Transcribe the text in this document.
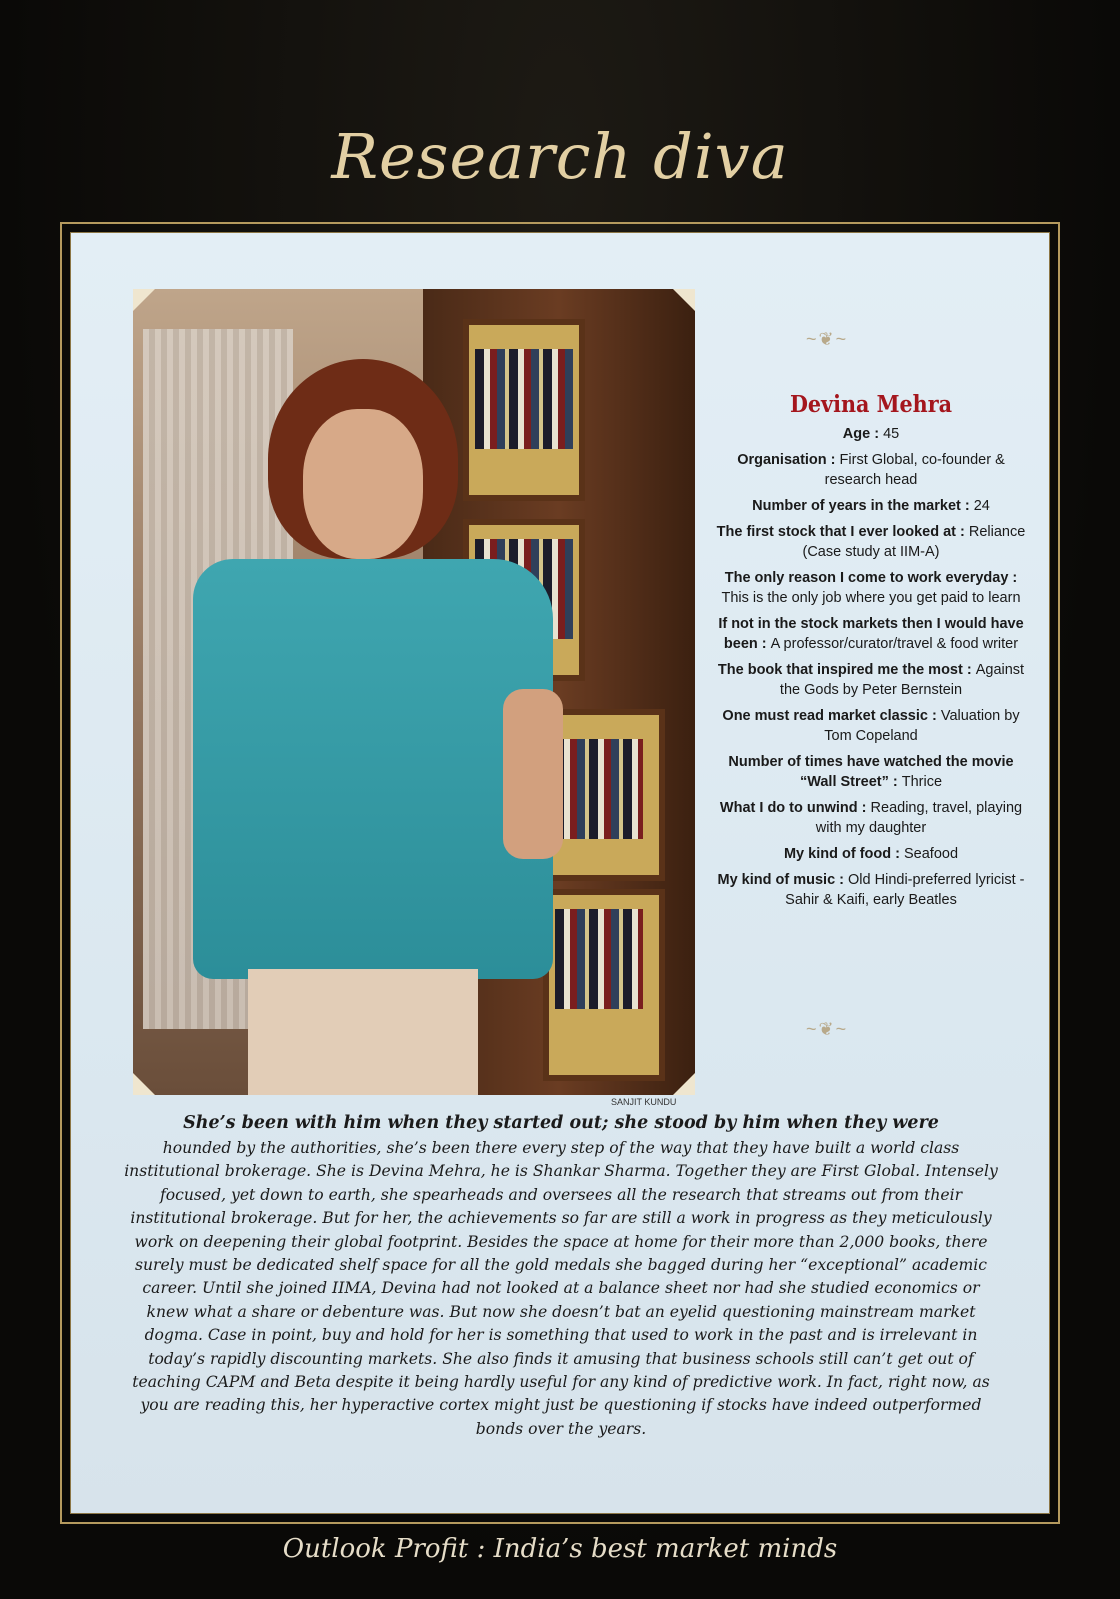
Research diva
SANJIT KUNDU
~❦~
~❦~
Devina Mehra
Age : 45
Organisation : First Global, co-founder & research head
Number of years in the market : 24
The first stock that I ever looked at : Reliance (Case study at IIM-A)
The only reason I come to work everyday : This is the only job where you get paid to learn
If not in the stock markets then I would have been : A professor/curator/travel & food writer
The book that inspired me the most : Against the Gods by Peter Bernstein
One must read market classic : Valuation by Tom Copeland
Number of times have watched the movie “Wall Street” : Thrice
What I do to unwind : Reading, travel, playing with my daughter
My kind of food : Seafood
My kind of music : Old Hindi-preferred lyricist - Sahir & Kaifi, early Beatles
She’s been with him when they started out; she stood by him when they were
hounded by the authorities, she’s been there every step of the way that they have built a world class institutional brokerage. She is Devina Mehra, he is Shankar Sharma. Together they are First Global. Intensely focused, yet down to earth, she spearheads and oversees all the research that streams out from their institutional brokerage. But for her, the achievements so far are still a work in progress as they meticulously work on deepening their global footprint. Besides the space at home for their more than 2,000 books, there surely must be dedicated shelf space for all the gold medals she bagged during her “exceptional” academic career. Until she joined IIMA, Devina had not looked at a balance sheet nor had she studied economics or knew what a share or debenture was. But now she doesn’t bat an eyelid questioning mainstream market dogma. Case in point, buy and hold for her is something that used to work in the past and is irrelevant in today’s rapidly discounting markets. She also finds it amusing that business schools still can’t get out of teaching CAPM and Beta despite it being hardly useful for any kind of predictive work. In fact, right now, as you are reading this, her hyperactive cortex might just be questioning if stocks have indeed outperformed bonds over the years.
Outlook Profit : India’s best market minds
